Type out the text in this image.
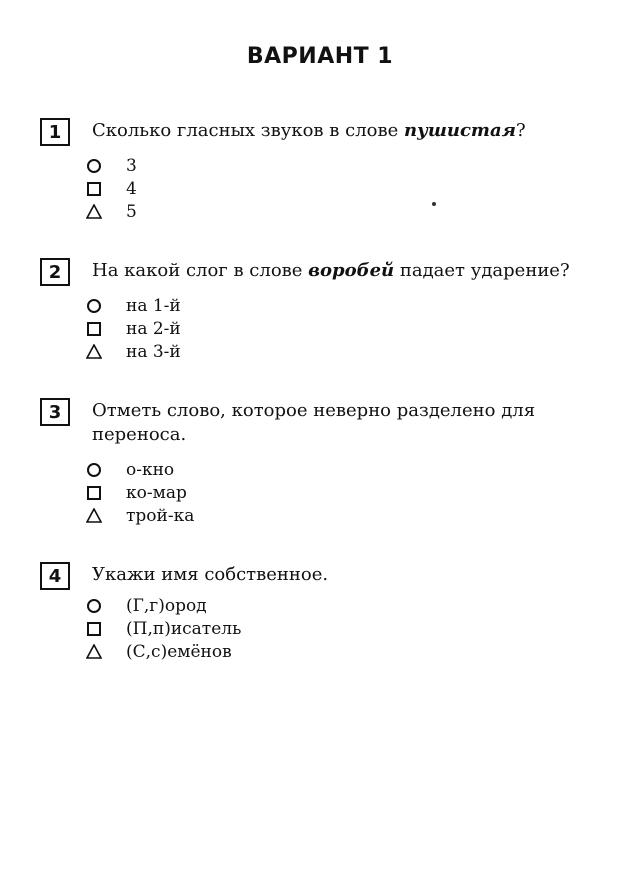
ВАРИАНТ 1
1	Сколько гласных звуков в слове пушистая?
3
4
5
2	На какой слог в слове воробей падает ударение?
на 1-й
на 2-й
на 3-й
3	Отметь слово, которое неверно разделено для
переноса.
о-кно
ко-мар
трой-ка
4	Укажи имя собственное.
(Г,г)ород
(П,п)исатель
(С,с)емёнов
